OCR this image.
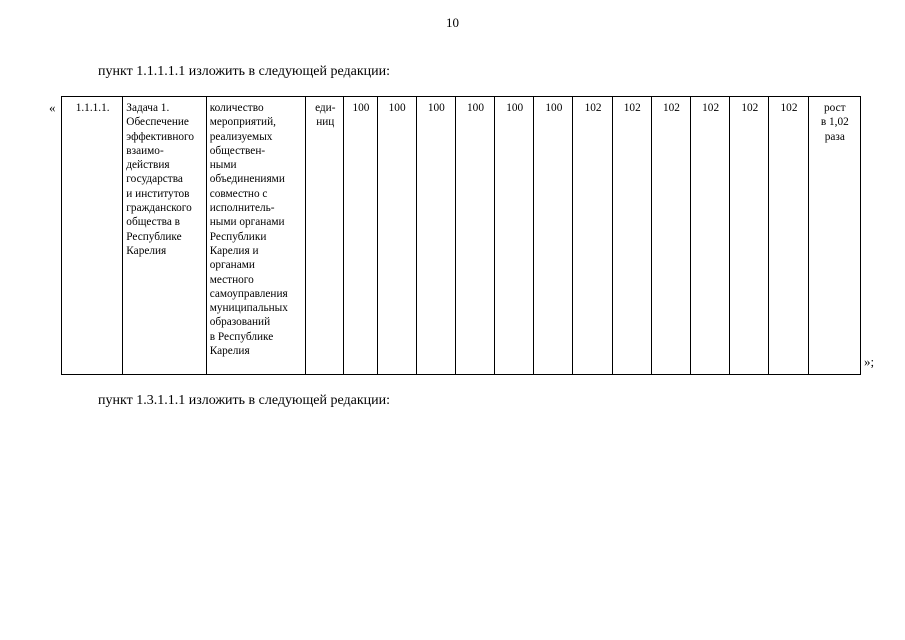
10
пункт 1.1.1.1.1 изложить в следующей редакции:
« 1.1.1.1.	Задача 1.
Обеспечение
эффективного
взаимо-
действия
государства
и институтов
гражданского
общества в
Республике
Карелия	количество
мероприятий,
реализуемых
обществен-
ными
объединениями
совместно с
исполнитель-
ными органами
Республики
Карелия и
органами
местного
самоуправления
муниципальных
образований
в Республике
Карелия	еди-
ниц	100	100	100	100	100	100	102	102	102	102	102	102	рост
в 1,02
раза
»;
пункт 1.3.1.1.1 изложить в следующей редакции:
